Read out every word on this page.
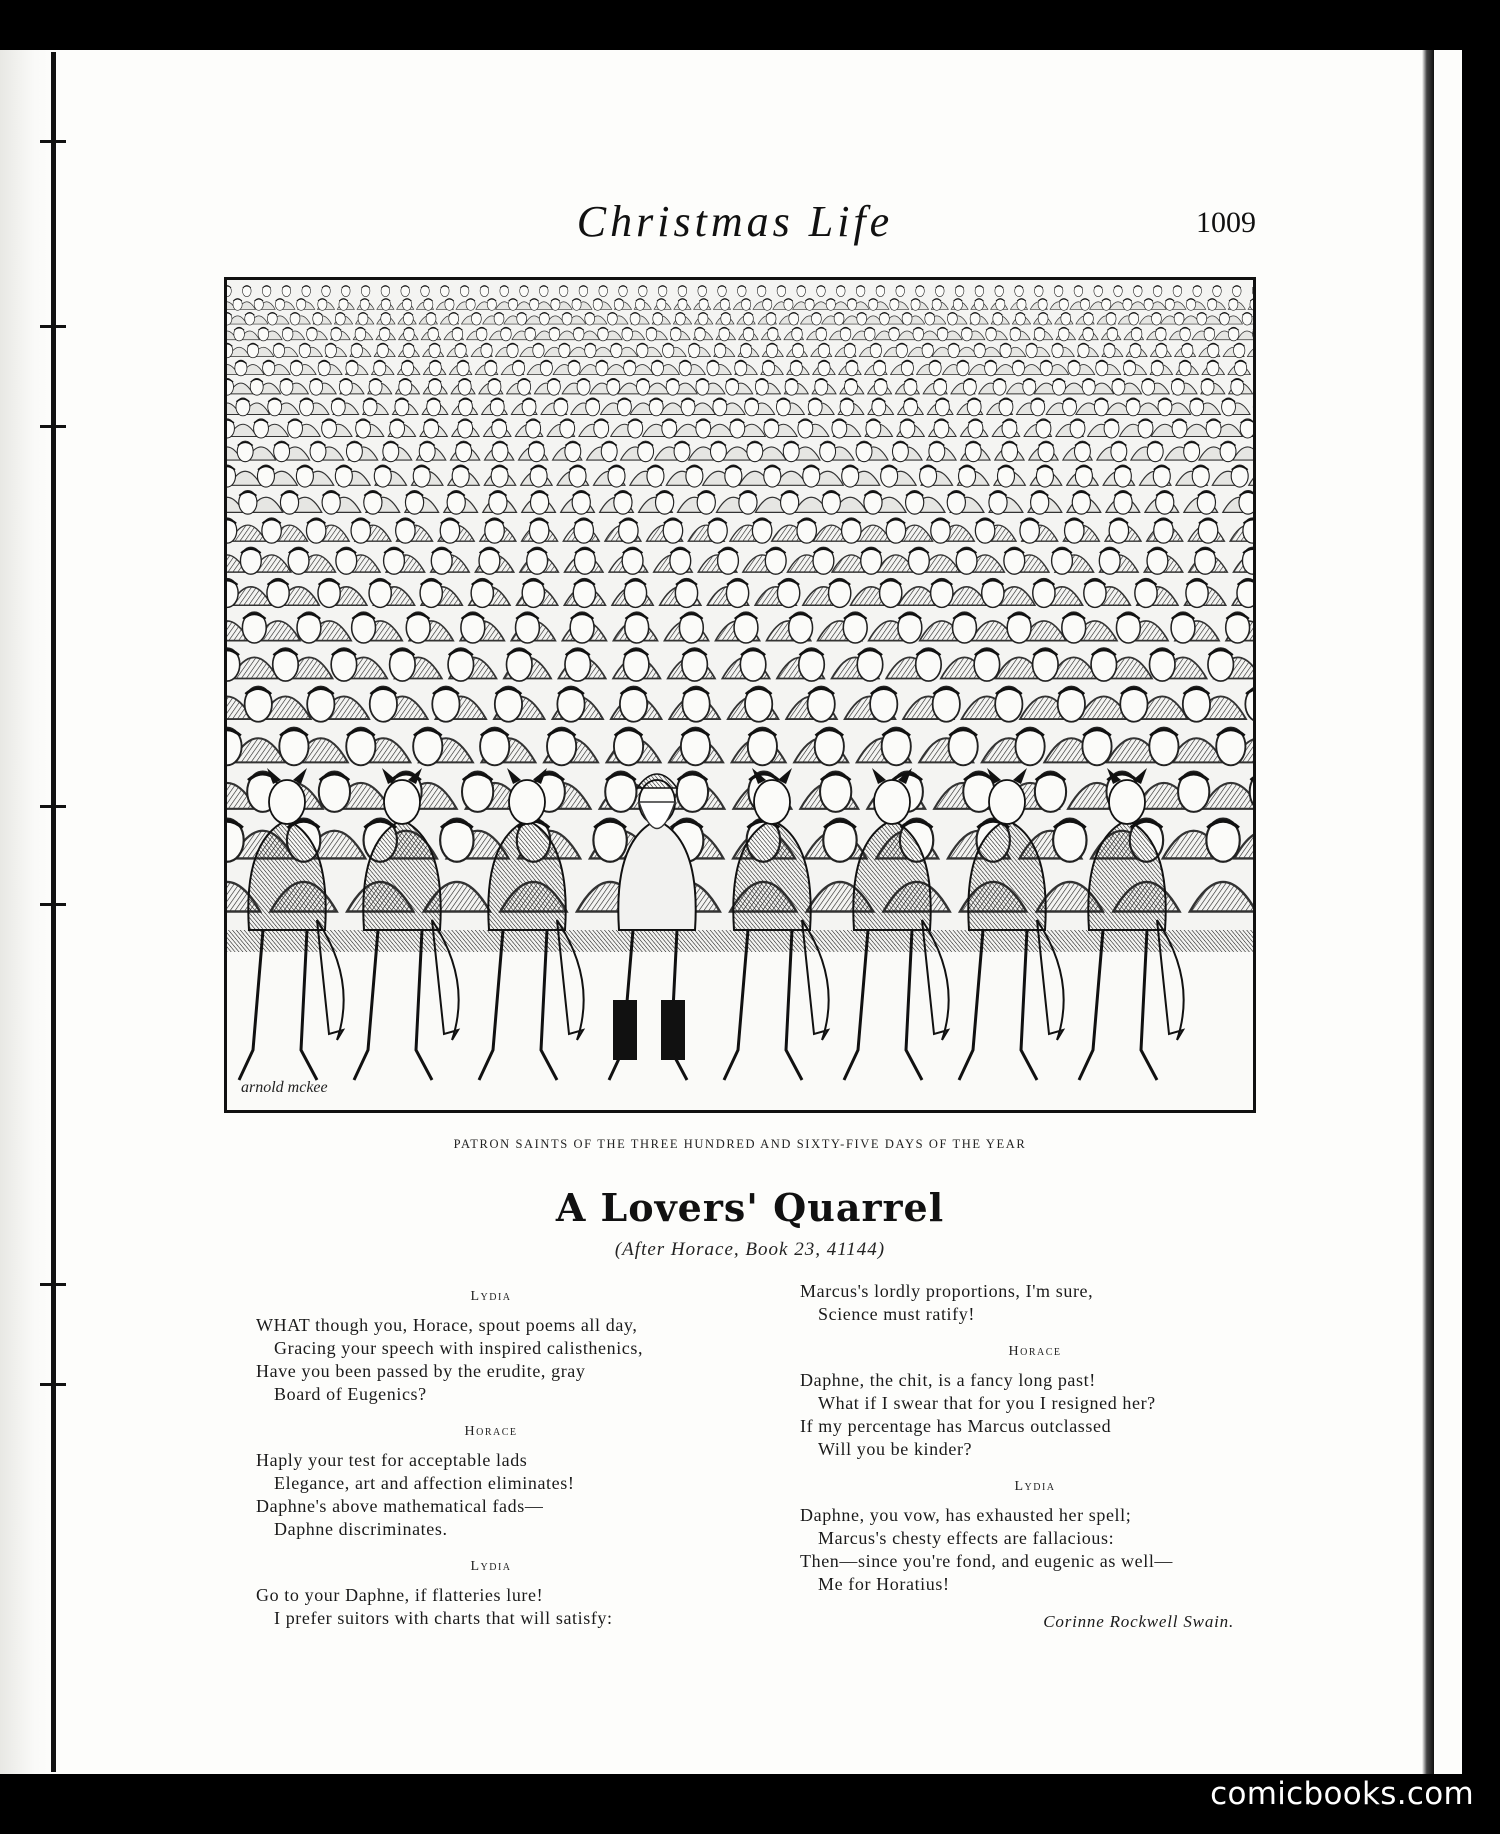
Christmas Life	1009
arnold mckee
PATRON SAINTS OF THE THREE HUNDRED AND SIXTY-FIVE DAYS OF THE YEAR
A Lovers' Quarrel
(After Horace, Book 23, 41144)
Lydia
WHAT though you, Horace, spout poems all day,
Gracing your speech with inspired calisthenics,
Have you been passed by the erudite, gray
Board of Eugenics?
Horace
Haply your test for acceptable lads
Elegance, art and affection eliminates!
Daphne's above mathematical fads—
Daphne discriminates.
Lydia
Go to your Daphne, if flatteries lure!
I prefer suitors with charts that will satisfy:
Marcus's lordly proportions, I'm sure,
Science must ratify!
Horace
Daphne, the chit, is a fancy long past!
What if I swear that for you I resigned her?
If my percentage has Marcus outclassed
Will you be kinder?
Lydia
Daphne, you vow, has exhausted her spell;
Marcus's chesty effects are fallacious:
Then—since you're fond, and eugenic as well—
Me for Horatius!
Corinne Rockwell Swain.
comicbooks.com
